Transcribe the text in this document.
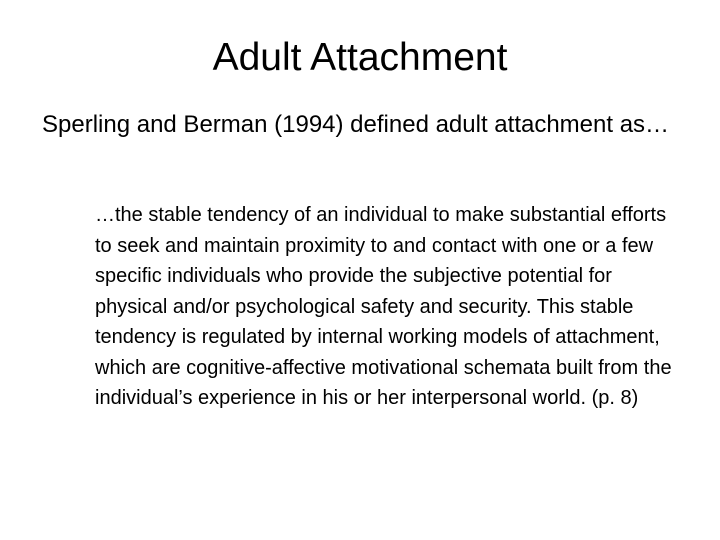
Adult Attachment

Sperling and Berman (1994) defined adult attachment as…

…the stable tendency of an individual to make substantial efforts to seek and maintain proximity to and contact with one or a few specific individuals who provide the subjective potential for physical and/or psychological safety and security. This stable tendency is regulated by internal working models of attachment, which are cognitive-affective motivational schemata built from the individual’s experience in his or her interpersonal world. (p. 8)
